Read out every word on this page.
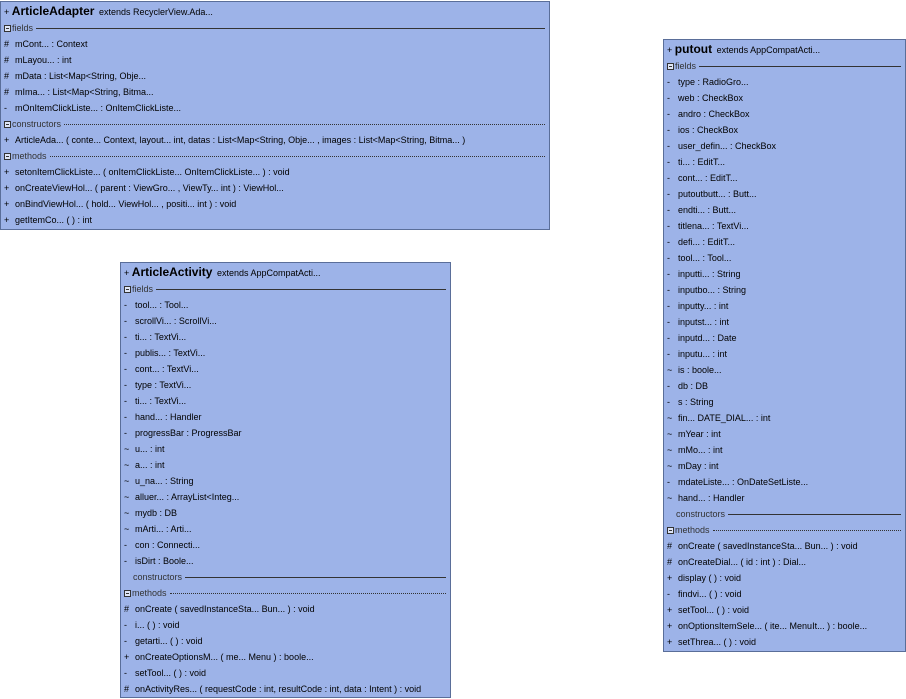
+ ArticleAdapter extends RecyclerView.Ada...
fields
# mCont... : Context
# mLayou... : int
# mData : List<Map<String, Obje...
# mIma... : List<Map<String, Bitma...
- mOnItemClickListe... : OnItemClickListe...
constructors
+ ArticleAda... ( conte... Context, layout... int, datas : List<Map<String, Obje... , images : List<Map<String, Bitma... )
methods
+ setonItemClickListe... ( onItemClickListe... OnItemClickListe... ) : void
+ onCreateViewHol... ( parent : ViewGro... , ViewTy... int ) : ViewHol...
+ onBindViewHol... ( hold... ViewHol... , positi... int ) : void
+ getItemCo... ( ) : int
+ ArticleActivity extends AppCompatActi...
fields
- tool... : Tool...
- scrollVi... : ScrollVi...
- ti... : TextVi...
- publis... : TextVi...
- cont... : TextVi...
- type : TextVi...
- ti... : TextVi...
- hand... : Handler
- progressBar : ProgressBar
~ u... : int
~ a... : int
~ u_na... : String
~ alluer... : ArrayList<Integ...
~ mydb : DB
~ mArti... : Arti...
- con : Connecti...
- isDirt : Boole...
constructors
methods
# onCreate ( savedInstanceSta... Bun... ) : void
- i... ( ) : void
- getarti... ( ) : void
+ onCreateOptionsM... ( me... Menu ) : boole...
- setTool... ( ) : void
# onActivityRes... ( requestCode : int, resultCode : int, data : Intent ) : void
+ putout extends AppCompatActi...
fields
- type : RadioGro...
- web : CheckBox
- andro : CheckBox
- ios : CheckBox
- user_defin... : CheckBox
- ti... : EditT...
- cont... : EditT...
- putoutbutt... : Butt...
- endti... : Butt...
- titlena... : TextVi...
- defi... : EditT...
- tool... : Tool...
- inputti... : String
- inputbo... : String
- inputty... : int
- inputst... : int
- inputd... : Date
- inputu... : int
~ is : boole...
- db : DB
- s : String
~ fin... DATE_DIAL... : int
~ mYear : int
~ mMo... : int
~ mDay : int
- mdateListe... : OnDateSetListe...
~ hand... : Handler
constructors
methods
# onCreate ( savedInstanceSta... Bun... ) : void
# onCreateDial... ( id : int ) : Dial...
+ display ( ) : void
- findvi... ( ) : void
+ setTool... ( ) : void
+ onOptionsItemSele... ( ite... MenuIt... ) : boole...
+ setThrea... ( ) : void
